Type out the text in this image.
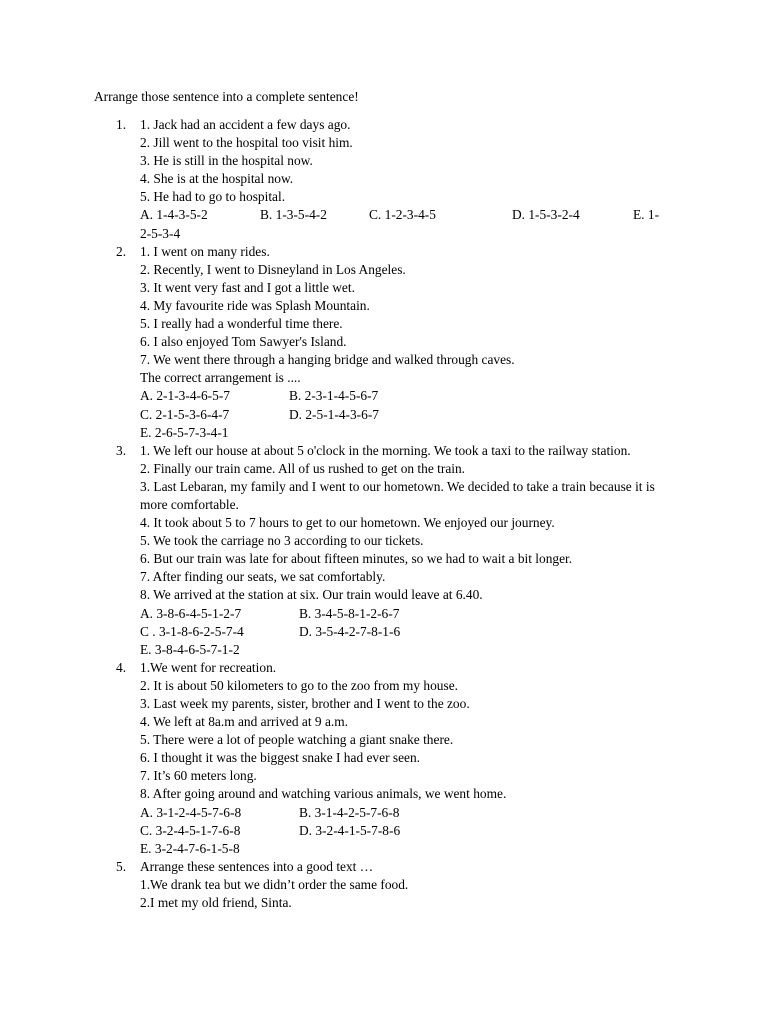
Arrange those sentence into a complete sentence!
1. 1. Jack had an accident a few days ago.
2. Jill went to the hospital too visit him.
3. He is still in the hospital now.
4. She is at the hospital now.
5. He had to go to hospital.
A. 1-4-3-5-2	B. 1-3-5-4-2	C. 1-2-3-4-5	D. 1-5-3-2-4	E. 1-
2-5-3-4
2. 1. I went on many rides.
2. Recently, I went to Disneyland in Los Angeles.
3. It went very fast and I got a little wet.
4. My favourite ride was Splash Mountain.
5. I really had a wonderful time there.
6. I also enjoyed Tom Sawyer's Island.
7. We went there through a hanging bridge and walked through caves.
The correct arrangement is ....
A. 2-1-3-4-6-5-7	B. 2-3-1-4-5-6-7
C. 2-1-5-3-6-4-7	D. 2-5-1-4-3-6-7
E. 2-6-5-7-3-4-1
3. 1. We left our house at about 5 o'clock in the morning. We took a taxi to the railway station.
2. Finally our train came. All of us rushed to get on the train.
3. Last Lebaran, my family and I went to our hometown. We decided to take a train because it is more comfortable.
4. It took about 5 to 7 hours to get to our hometown. We enjoyed our journey.
5. We took the carriage no 3 according to our tickets.
6. But our train was late for about fifteen minutes, so we had to wait a bit longer.
7. After finding our seats, we sat comfortably.
8. We arrived at the station at six. Our train would leave at 6.40.
A. 3-8-6-4-5-1-2-7	B. 3-4-5-8-1-2-6-7
C . 3-1-8-6-2-5-7-4	D. 3-5-4-2-7-8-1-6
E. 3-8-4-6-5-7-1-2
4. 1.We went for recreation.
2. It is about 50 kilometers to go to the zoo from my house.
3. Last week my parents, sister, brother and I went to the zoo.
4. We left at 8a.m and arrived at 9 a.m.
5. There were a lot of people watching a giant snake there.
6. I thought it was the biggest snake I had ever seen.
7. It’s 60 meters long.
8. After going around and watching various animals, we went home.
A. 3-1-2-4-5-7-6-8	B. 3-1-4-2-5-7-6-8
C. 3-2-4-5-1-7-6-8	D. 3-2-4-1-5-7-8-6
E. 3-2-4-7-6-1-5-8
5. Arrange these sentences into a good text …
1.We drank tea but we didn’t order the same food.
2.I met my old friend, Sinta.
